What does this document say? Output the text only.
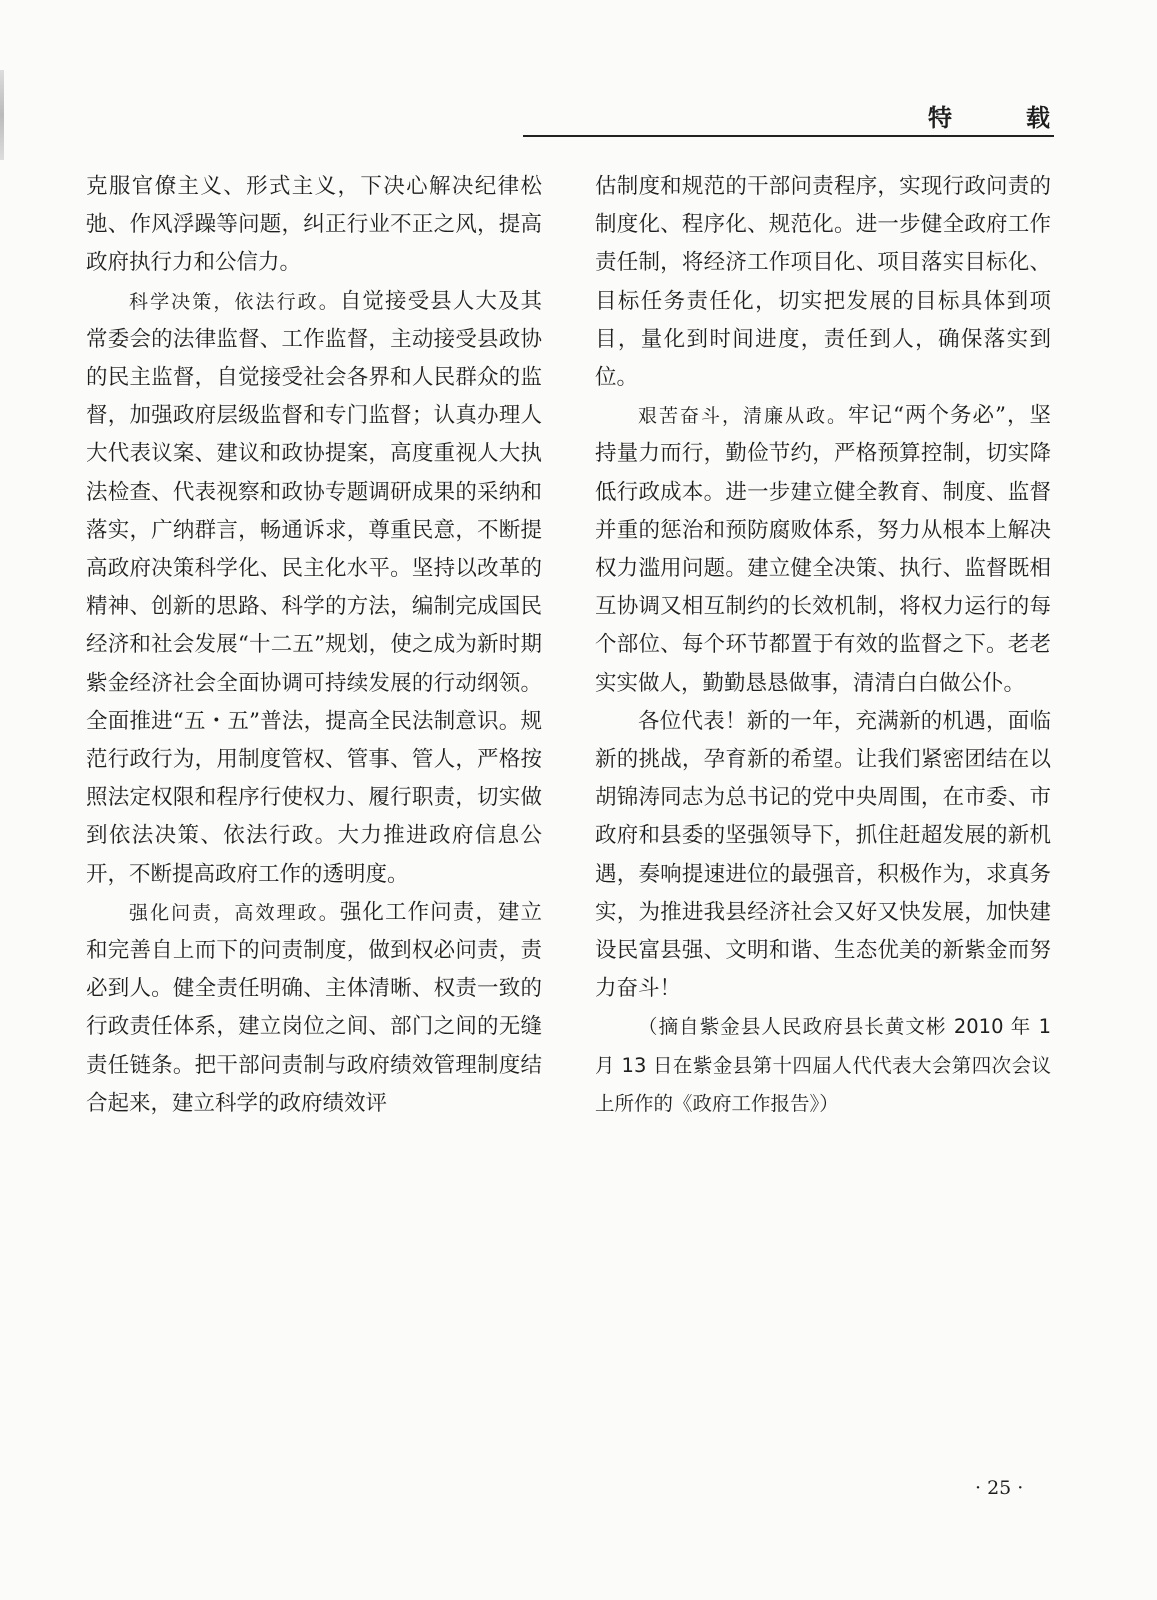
特	载

克服官僚主义、形式主义，下决心解决纪律松弛、作风浮躁等问题，纠正行业不正之风，提高政府执行力和公信力。

科学决策，依法行政。自觉接受县人大及其常委会的法律监督、工作监督，主动接受县政协的民主监督，自觉接受社会各界和人民群众的监督，加强政府层级监督和专门监督；认真办理人大代表议案、建议和政协提案，高度重视人大执法检查、代表视察和政协专题调研成果的采纳和落实，广纳群言，畅通诉求，尊重民意，不断提高政府决策科学化、民主化水平。坚持以改革的精神、创新的思路、科学的方法，编制完成国民经济和社会发展“十二五”规划，使之成为新时期紫金经济社会全面协调可持续发展的行动纲领。全面推进“五・五”普法，提高全民法制意识。规范行政行为，用制度管权、管事、管人，严格按照法定权限和程序行使权力、履行职责，切实做到依法决策、依法行政。大力推进政府信息公开，不断提高政府工作的透明度。

强化问责，高效理政。强化工作问责，建立和完善自上而下的问责制度，做到权必问责，责必到人。健全责任明确、主体清晰、权责一致的行政责任体系，建立岗位之间、部门之间的无缝责任链条。把干部问责制与政府绩效管理制度结合起来，建立科学的政府绩效评

估制度和规范的干部问责程序，实现行政问责的制度化、程序化、规范化。进一步健全政府工作责任制，将经济工作项目化、项目落实目标化、目标任务责任化，切实把发展的目标具体到项目，量化到时间进度，责任到人，确保落实到位。

艰苦奋斗，清廉从政。牢记“两个务必”，坚持量力而行，勤俭节约，严格预算控制，切实降低行政成本。进一步建立健全教育、制度、监督并重的惩治和预防腐败体系，努力从根本上解决权力滥用问题。建立健全决策、执行、监督既相互协调又相互制约的长效机制，将权力运行的每个部位、每个环节都置于有效的监督之下。老老实实做人，勤勤恳恳做事，清清白白做公仆。

各位代表！新的一年，充满新的机遇，面临新的挑战，孕育新的希望。让我们紧密团结在以胡锦涛同志为总书记的党中央周围，在市委、市政府和县委的坚强领导下，抓住赶超发展的新机遇，奏响提速进位的最强音，积极作为，求真务实，为推进我县经济社会又好又快发展，加快建设民富县强、文明和谐、生态优美的新紫金而努力奋斗！

（摘自紫金县人民政府县长黄文彬 2010 年 1 月 13 日在紫金县第十四届人代代表大会第四次会议上所作的《政府工作报告》）

· 25 ·
